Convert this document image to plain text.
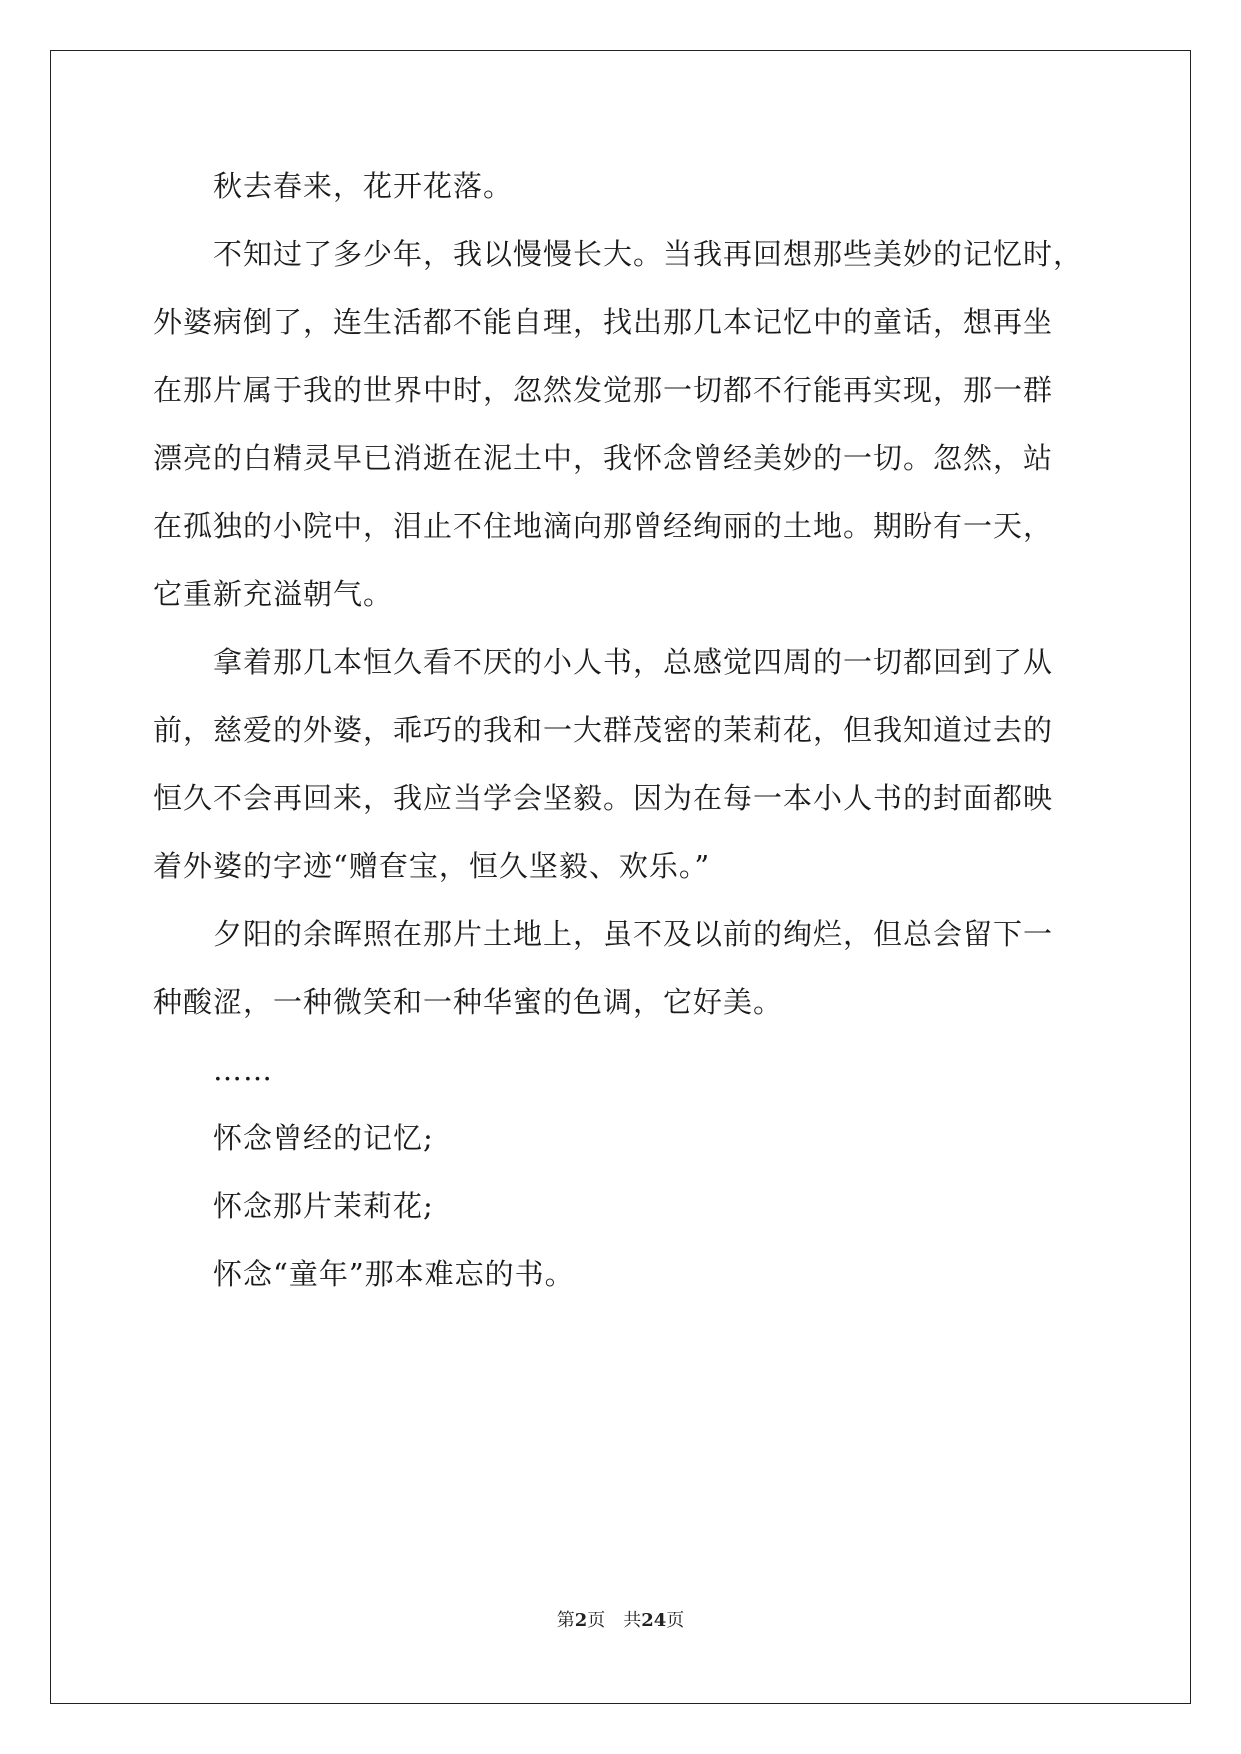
秋去春来，花开花落。
不知过了多少年，我以慢慢长大。当我再回想那些美妙的记忆时，
外婆病倒了，连生活都不能自理，找出那几本记忆中的童话，想再坐
在那片属于我的世界中时，忽然发觉那一切都不行能再实现，那一群
漂亮的白精灵早已消逝在泥土中，我怀念曾经美妙的一切。忽然，站
在孤独的小院中，泪止不住地滴向那曾经绚丽的土地。期盼有一天，
它重新充溢朝气。
拿着那几本恒久看不厌的小人书，总感觉四周的一切都回到了从
前，慈爱的外婆，乖巧的我和一大群茂密的茉莉花，但我知道过去的
恒久不会再回来，我应当学会坚毅。因为在每一本小人书的封面都映
着外婆的字迹“赠奆宝，恒久坚毅、欢乐。”
夕阳的余晖照在那片土地上，虽不及以前的绚烂，但总会留下一
种酸涩，一种微笑和一种华蜜的色调，它好美。
……
怀念曾经的记忆;
怀念那片茉莉花;
怀念“童年”那本难忘的书。
第2页　共24页
